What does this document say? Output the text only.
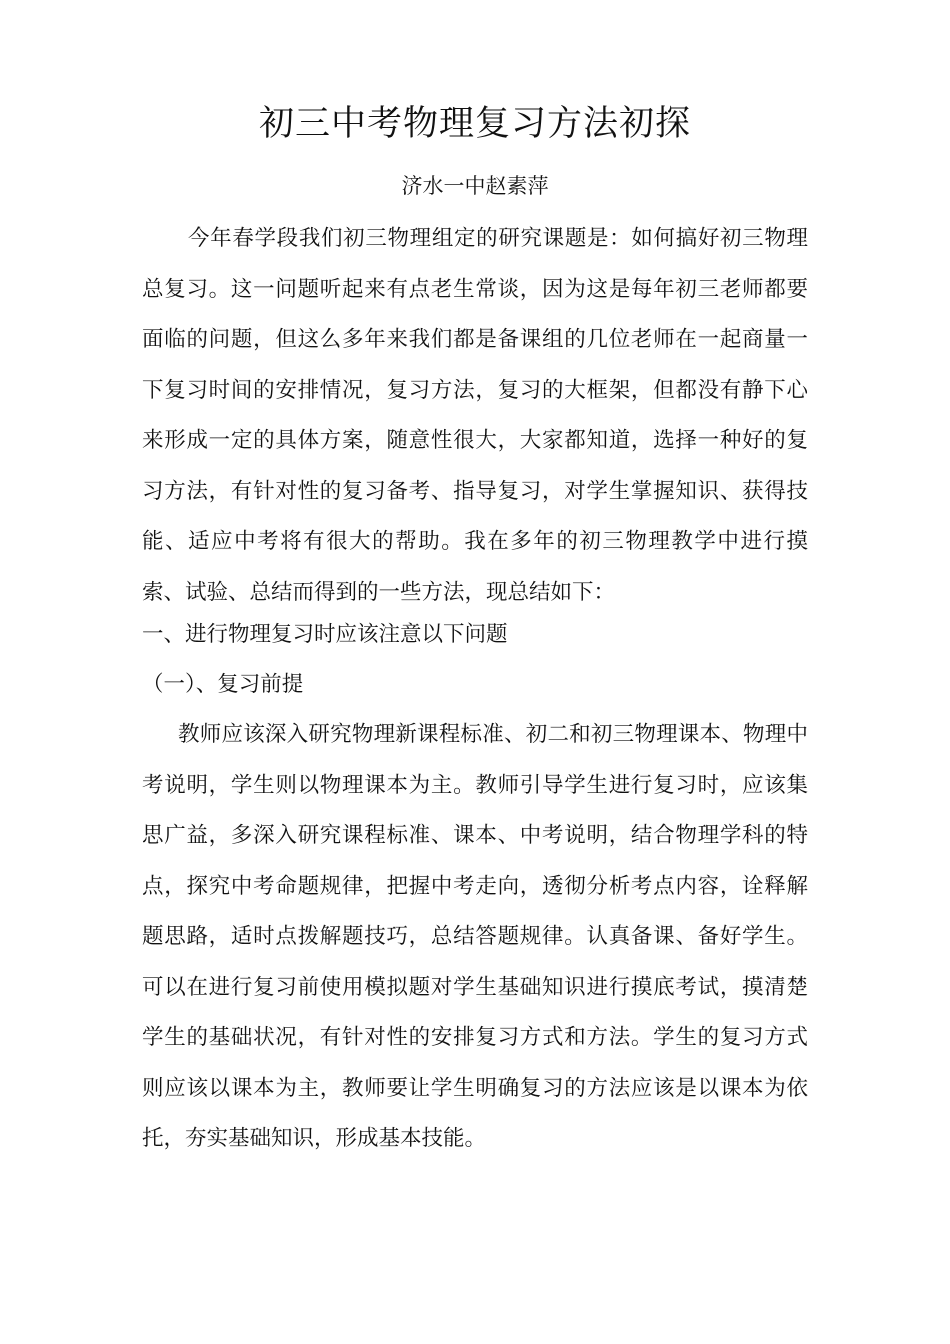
初三中考物理复习方法初探

济水一中赵素萍

今年春学段我们初三物理组定的研究课题是：如何搞好初三物理总复习。这一问题听起来有点老生常谈，因为这是每年初三老师都要面临的问题，但这么多年来我们都是备课组的几位老师在一起商量一下复习时间的安排情况，复习方法，复习的大框架，但都没有静下心来形成一定的具体方案，随意性很大，大家都知道，选择一种好的复习方法，有针对性的复习备考、指导复习，对学生掌握知识、获得技能、适应中考将有很大的帮助。我在多年的初三物理教学中进行摸索、试验、总结而得到的一些方法，现总结如下：

一、进行物理复习时应该注意以下问题

（一）、复习前提

教师应该深入研究物理新课程标准、初二和初三物理课本、物理中考说明，学生则以物理课本为主。教师引导学生进行复习时，应该集思广益，多深入研究课程标准、课本、中考说明，结合物理学科的特点，探究中考命题规律，把握中考走向，透彻分析考点内容，诠释解题思路，适时点拨解题技巧，总结答题规律。认真备课、备好学生。可以在进行复习前使用模拟题对学生基础知识进行摸底考试，摸清楚学生的基础状况，有针对性的安排复习方式和方法。学生的复习方式则应该以课本为主，教师要让学生明确复习的方法应该是以课本为依托，夯实基础知识，形成基本技能。
